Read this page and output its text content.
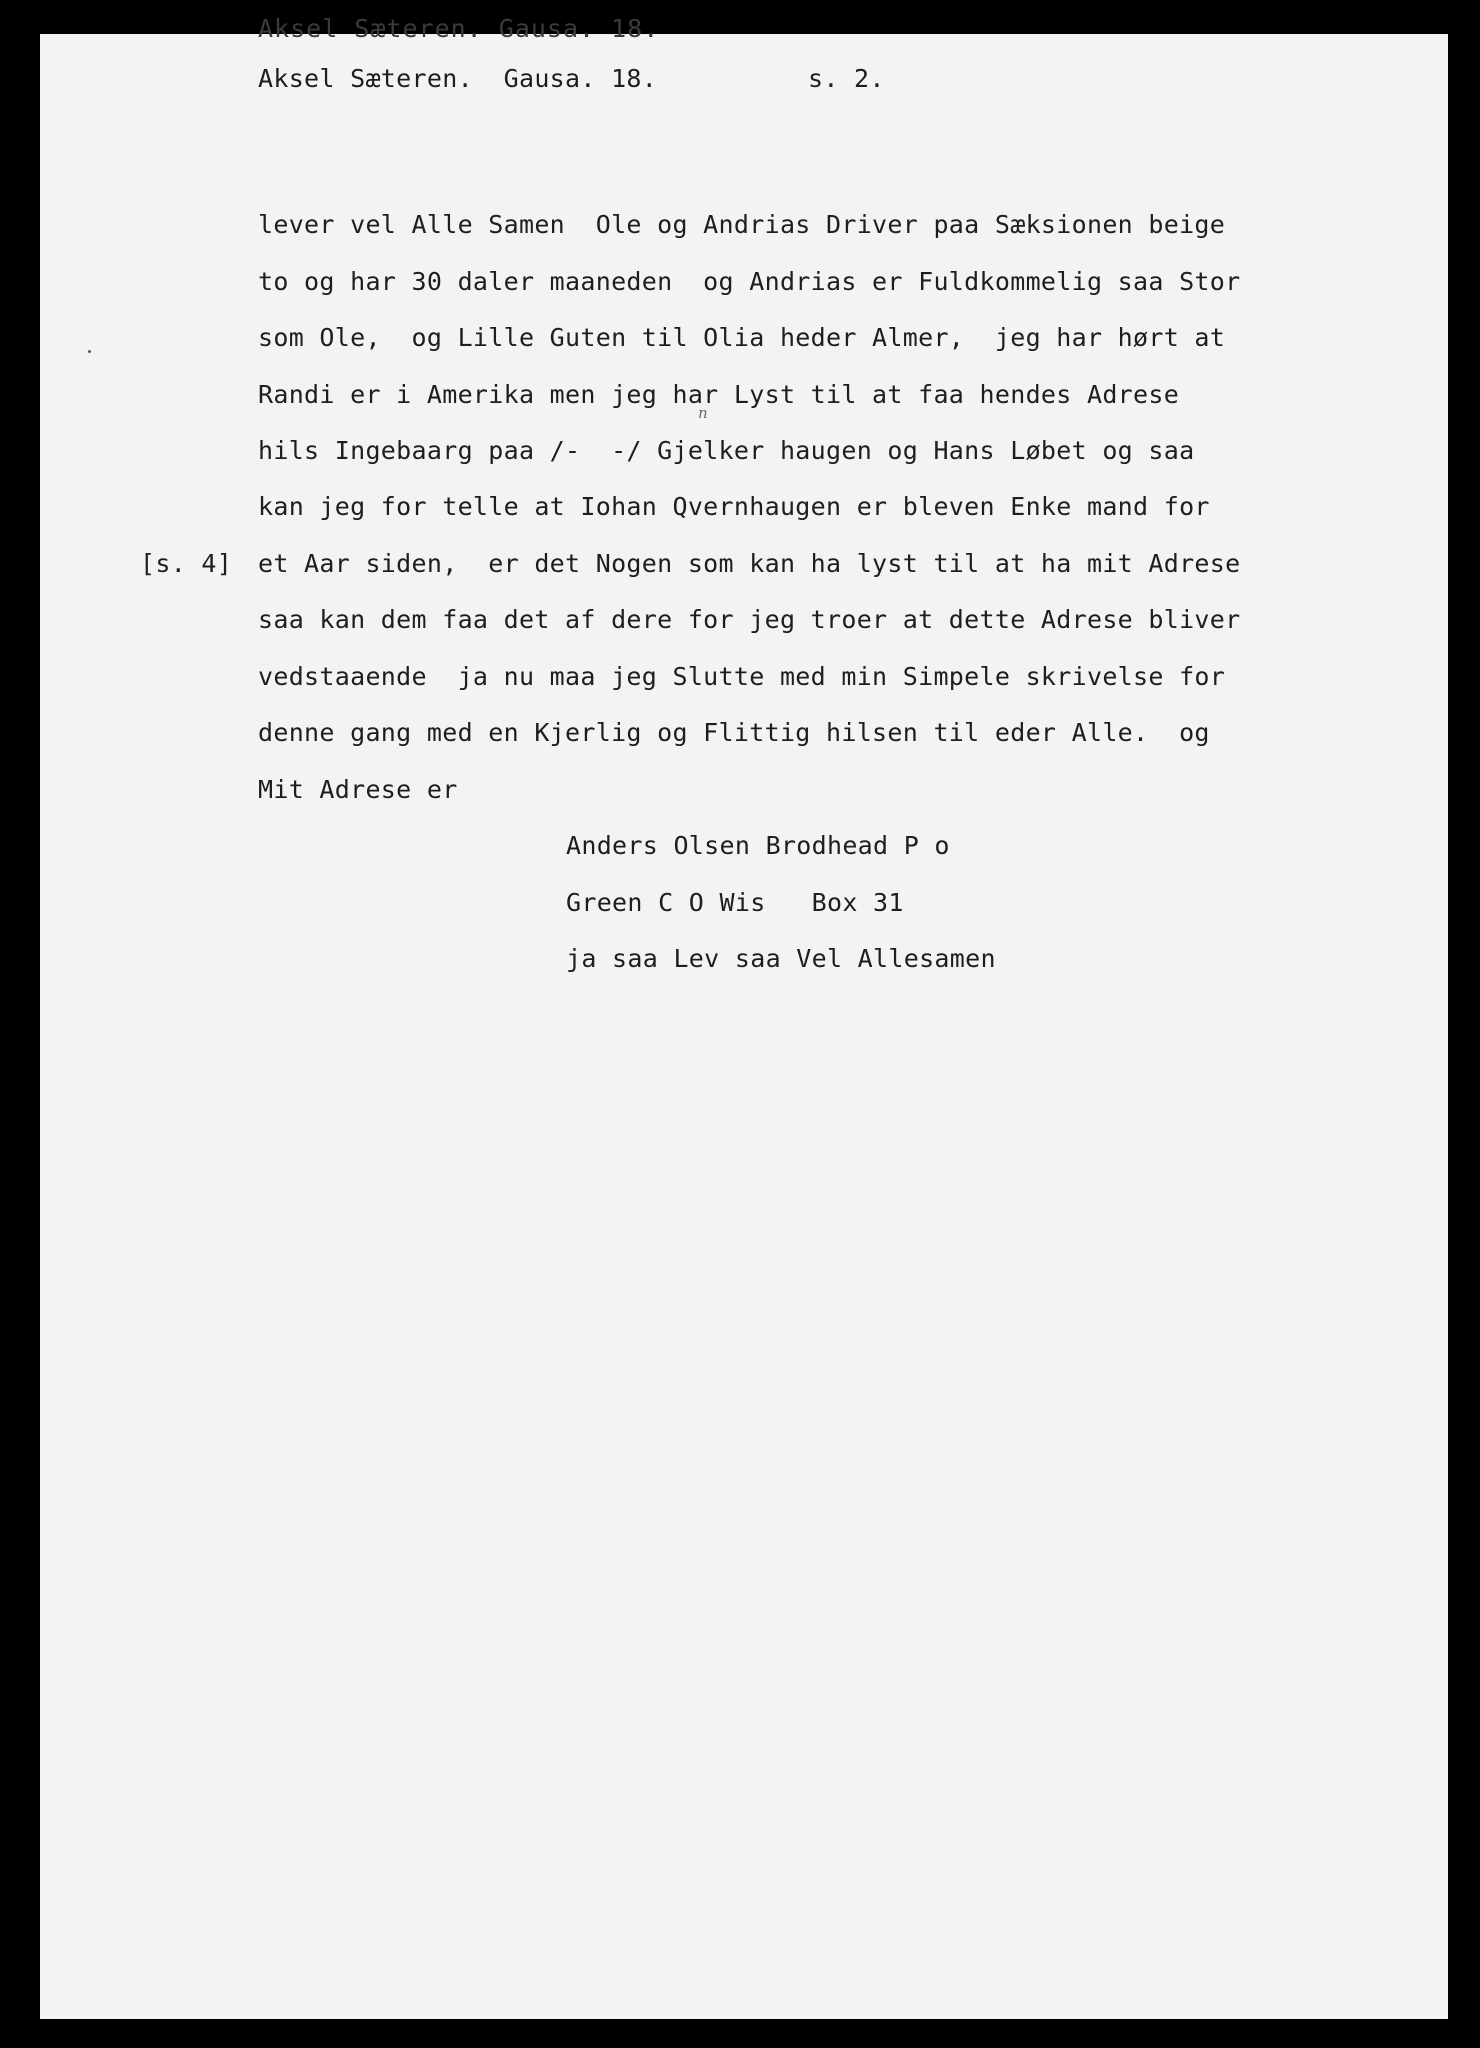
Aksel Sæteren. Gausa. 18.
Aksel Sæteren.  Gausa. 18.	s. 2.
n
lever vel Alle Samen  Ole og Andrias Driver paa Sæksionen beige
to og har 30 daler maaneden  og Andrias er Fuldkommelig saa Stor
som Ole,  og Lille Guten til Olia heder Almer,  jeg har hørt at
Randi er i Amerika men jeg har Lyst til at faa hendes Adrese
hils Ingebaarg paa /-  -/ Gjelker haugen og Hans Løbet og saa
kan jeg for telle at Iohan Qvernhaugen er bleven Enke mand for
[s. 4] et Aar siden,  er det Nogen som kan ha lyst til at ha mit Adrese
saa kan dem faa det af dere for jeg troer at dette Adrese bliver
vedstaaende  ja nu maa jeg Slutte med min Simpele skrivelse for
denne gang med en Kjerlig og Flittig hilsen til eder Alle.  og
Mit Adrese er
Anders Olsen Brodhead P o
Green C O Wis   Box 31
ja saa Lev saa Vel Allesamen
